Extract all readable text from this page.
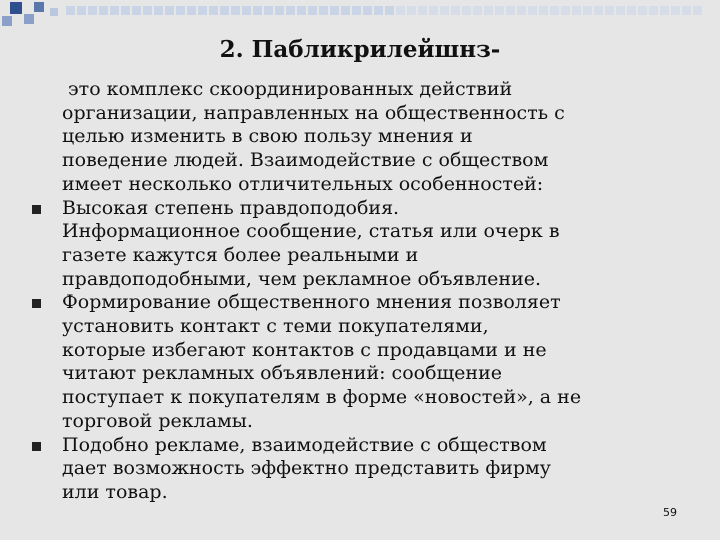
2. Пабликрилейшнз-
это комплекс скоординированных действий
организации, направленных на общественность с
целью изменить в свою пользу мнения и
поведение людей. Взаимодействие с обществом
имеет несколько отличительных особенностей:
Высокая степень правдоподобия.
Информационное сообщение, статья или очерк в
газете кажутся более реальными и
правдоподобными, чем рекламное объявление.
Формирование общественного мнения позволяет
установить контакт с теми покупателями,
которые избегают контактов с продавцами и не
читают рекламных объявлений: сообщение
поступает к покупателям в форме «новостей», а не
торговой рекламы.
Подобно рекламе, взаимодействие с обществом
дает возможность эффектно представить фирму
или товар.
59
